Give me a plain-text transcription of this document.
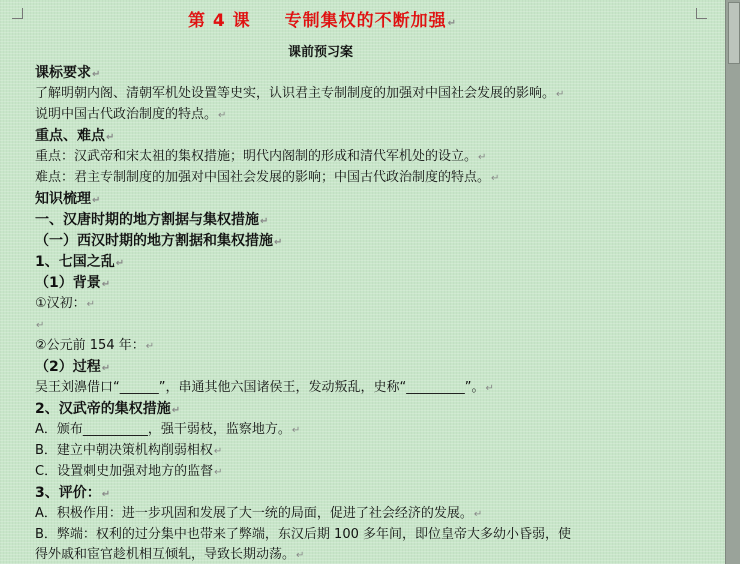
第 4 课 专制集权的不断加强↵
课前预习案
课标要求↵
了解明朝内阁、清朝军机处设置等史实，认识君主专制制度的加强对中国社会发展的影响。↵
说明中国古代政治制度的特点。↵
重点、难点↵
重点：汉武帝和宋太祖的集权措施；明代内阁制的形成和清代军机处的设立。↵
难点：君主专制制度的加强对中国社会发展的影响；中国古代政治制度的特点。↵
知识梳理↵
一、汉唐时期的地方割据与集权措施↵
（一）西汉时期的地方割据和集权措施↵
1、七国之乱↵
（1）背景↵
①汉初：↵
↵
②公元前 154 年：↵
（2）过程↵
吴王刘濞借口“______”，串通其他六国诸侯王，发动叛乱，史称“_________”。↵
2、汉武帝的集权措施↵
A．颁布__________，强干弱枝，监察地方。↵
B．建立中朝决策机构削弱相权↵
C．设置刺史加强对地方的监督↵
3、评价：↵
A．积极作用：进一步巩固和发展了大一统的局面，促进了社会经济的发展。↵
B．弊端：权利的过分集中也带来了弊端，东汉后期 100 多年间，即位皇帝大多幼小昏弱，使
得外戚和宦官趁机相互倾轧，导致长期动荡。↵
